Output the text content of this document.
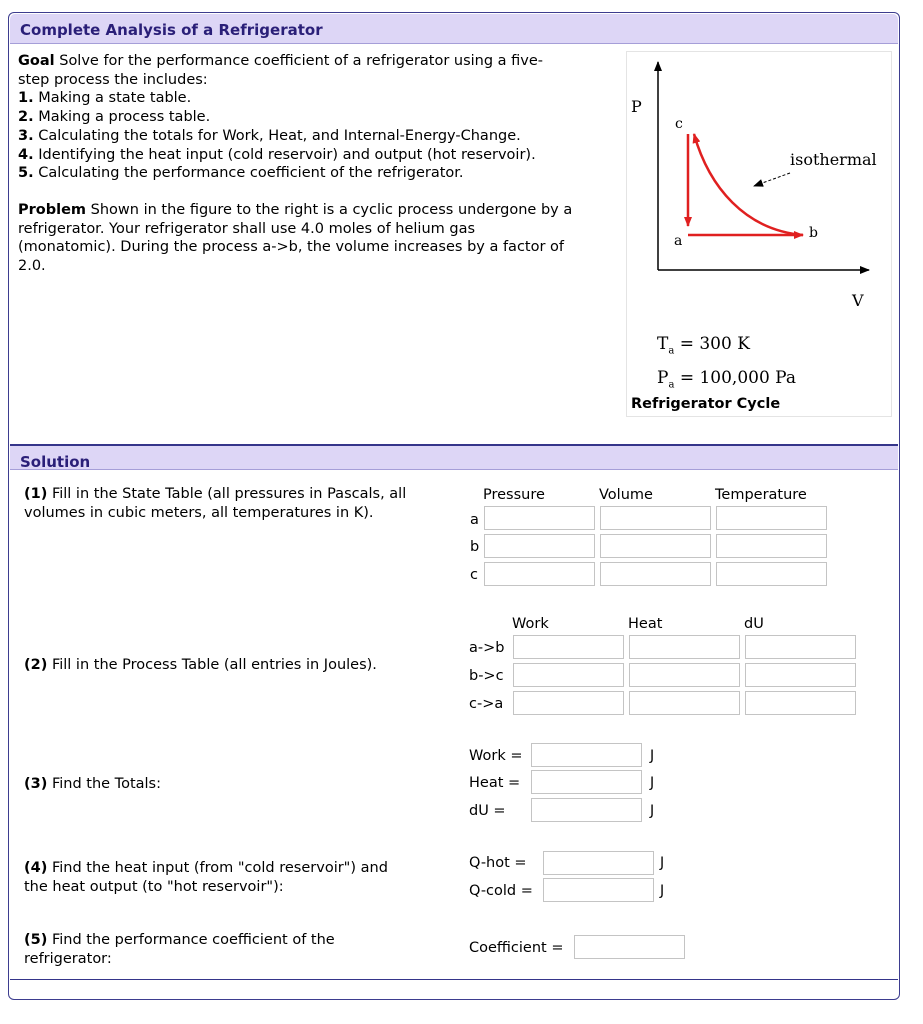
Complete Analysis of a Refrigerator
Goal Solve for the performance coefficient of a refrigerator using a five-
step process the includes:
1. Making a state table.
2. Making a process table.
3. Calculating the totals for Work, Heat, and Internal-Energy-Change.
4. Identifying the heat input (cold reservoir) and output (hot reservoir).
5. Calculating the performance coefficient of the refrigerator.
Problem Shown in the figure to the right is a cyclic process undergone by a
refrigerator. Your refrigerator shall use 4.0 moles of helium gas
(monatomic). During the process a->b, the volume increases by a factor of
2.0.
P
V
c
a	b
isothermal
$T_a = 300$ K
$P_a = 100,000$ Pa
Refrigerator Cycle
Solution
(1) Fill in the State Table (all pressures in Pascals, all
volumes in cubic meters, all temperatures in K).
Pressure	Volume	Temperature
a
b
c
(2) Fill in the Process Table (all entries in Joules).
Work	Heat	dU
a->b
b->c
c->a
(3) Find the Totals:
Work =	J
Heat =	J
dU =	J
(4) Find the heat input (from "cold reservoir") and
the heat output (to "hot reservoir"):
Q-hot =	J
Q-cold =	J
(5) Find the performance coefficient of the
refrigerator:
Coefficient =
